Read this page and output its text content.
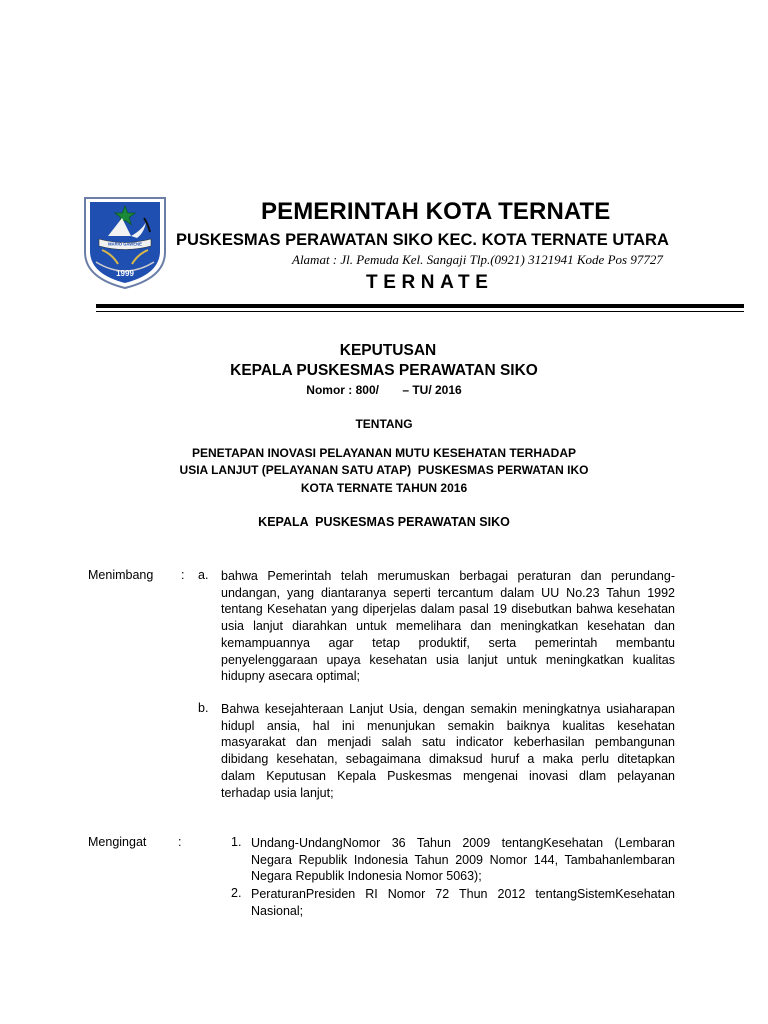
MARIO GAWENE
1999
PEMERINTAH KOTA TERNATE
PUSKESMAS PERAWATAN SIKO KEC. KOTA TERNATE UTARA
Alamat : Jl. Pemuda Kel. Sangaji Tlp.(0921) 3121941 Kode Pos 97727
TERNATE
KEPUTUSAN
KEPALA PUSKESMAS PERAWATAN SIKO
Nomor : 800/       – TU/ 2016
TENTANG
PENETAPAN INOVASI PELAYANAN MUTU KESEHATAN TERHADAP
USIA LANJUT (PELAYANAN SATU ATAP)  PUSKESMAS PERWATAN IKO
KOTA TERNATE TAHUN 2016
KEPALA  PUSKESMAS PERAWATAN SIKO
Menimbang : a. bahwa Pemerintah telah merumuskan berbagai peraturan dan perundang-
undangan, yang diantaranya seperti tercantum dalam UU No.23 Tahun 1992
tentang Kesehatan yang diperjelas dalam pasal 19 disebutkan bahwa kesehatan
usia lanjut diarahkan untuk memelihara dan meningkatkan kesehatan dan
kemampuannya agar tetap produktif, serta pemerintah membantu
penyelenggaraan upaya kesehatan usia lanjut untuk meningkatkan kualitas
hidupny asecara optimal;
b. Bahwa kesejahteraan Lanjut Usia, dengan semakin meningkatnya usiaharapan
hidupl ansia, hal ini menunjukan semakin baiknya kualitas kesehatan
masyarakat dan menjadi salah satu indicator keberhasilan pembangunan
dibidang kesehatan, sebagaimana dimaksud huruf a maka perlu ditetapkan
dalam Keputusan Kepala Puskesmas mengenai inovasi dlam pelayanan
terhadap usia lanjut;
Mengingat	:	1. Undang-UndangNomor 36 Tahun 2009 tentangKesehatan (Lembaran
Negara Republik Indonesia Tahun 2009 Nomor 144, Tambahanlembaran
Negara Republik Indonesia Nomor 5063);
2. PeraturanPresiden RI Nomor 72 Thun 2012 tentangSistemKesehatan
Nasional;
